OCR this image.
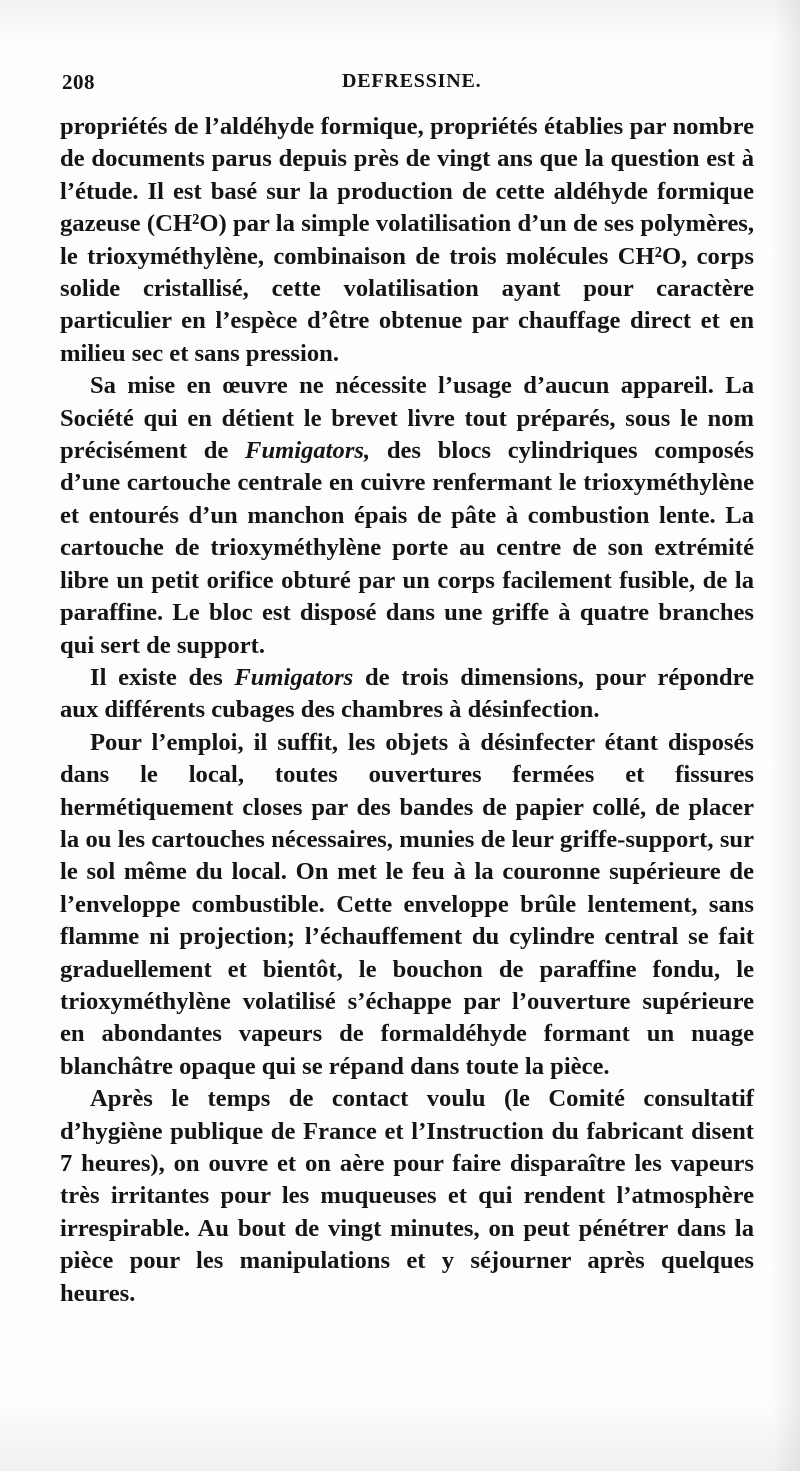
208	DEFRESSINE.

propriétés de l’aldéhyde formique, propriétés établies par nombre de documents parus depuis près de vingt ans que la question est à l’étude. Il est basé sur la production de cette aldéhyde formique gazeuse (CH²O) par la simple volatilisation d’un de ses polymères, le trioxyméthylène, combinaison de trois molécules CH²O, corps solide cristallisé, cette volatilisation ayant pour caractère particulier en l’espèce d’être obtenue par chauffage direct et en milieu sec et sans pression.

Sa mise en œuvre ne nécessite l’usage d’aucun appareil. La Société qui en détient le brevet livre tout préparés, sous le nom précisément de Fumigators, des blocs cylindriques composés d’une cartouche centrale en cuivre renfermant le trioxyméthylène et entourés d’un manchon épais de pâte à combustion lente. La cartouche de trioxyméthylène porte au centre de son extrémité libre un petit orifice obturé par un corps facilement fusible, de la paraffine. Le bloc est disposé dans une griffe à quatre branches qui sert de support.

Il existe des Fumigators de trois dimensions, pour répondre aux différents cubages des chambres à désinfection.

Pour l’emploi, il suffit, les objets à désinfecter étant disposés dans le local, toutes ouvertures fermées et fissures hermétiquement closes par des bandes de papier collé, de placer la ou les cartouches nécessaires, munies de leur griffe-support, sur le sol même du local. On met le feu à la couronne supérieure de l’enveloppe combustible. Cette enveloppe brûle lentement, sans flamme ni projection; l’échauffement du cylindre central se fait graduellement et bientôt, le bouchon de paraffine fondu, le trioxyméthylène volatilisé s’échappe par l’ouverture supérieure en abondantes vapeurs de formaldéhyde formant un nuage blanchâtre opaque qui se répand dans toute la pièce.

Après le temps de contact voulu (le Comité consultatif d’hygiène publique de France et l’Instruction du fabricant disent 7 heures), on ouvre et on aère pour faire disparaître les vapeurs très irritantes pour les muqueuses et qui rendent l’atmosphère irrespirable. Au bout de vingt minutes, on peut pénétrer dans la pièce pour les manipulations et y séjourner après quelques heures.
